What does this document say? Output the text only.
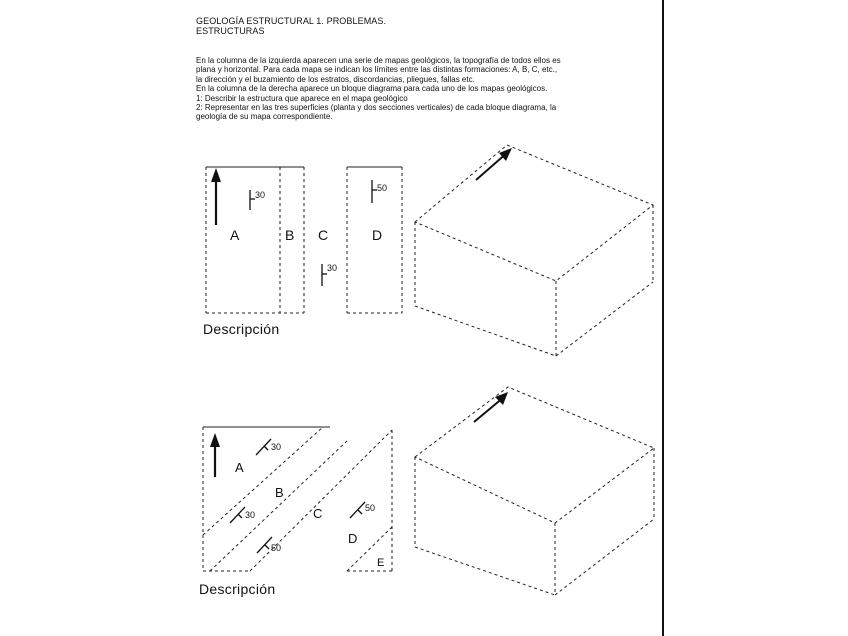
GEOLOGÍA ESTRUCTURAL 1. PROBLEMAS.
ESTRUCTURAS
En la columna de la izquierda aparecen una serie de mapas geológicos, la topografía de todos ellos es
plana y horizontal. Para cada mapa se indican los límites entre las distintas formaciones: A, B, C, etc.,
la dirección y el buzamiento de los estratos, discordancias, pliegues, fallas etc.
En la columna de la derecha aparece un bloque diagrama para cada uno de los mapas geológicos.
1: Describir la estructura que aparece en el mapa geológico
2: Representar en las tres superficies (planta y dos secciones verticales) de cada bloque diagrama, la
geología de su mapa correspondiente.
30
30
50
A	B C	D
30
30
50
50
A
B
C
D
E
Descripción
Descripción
